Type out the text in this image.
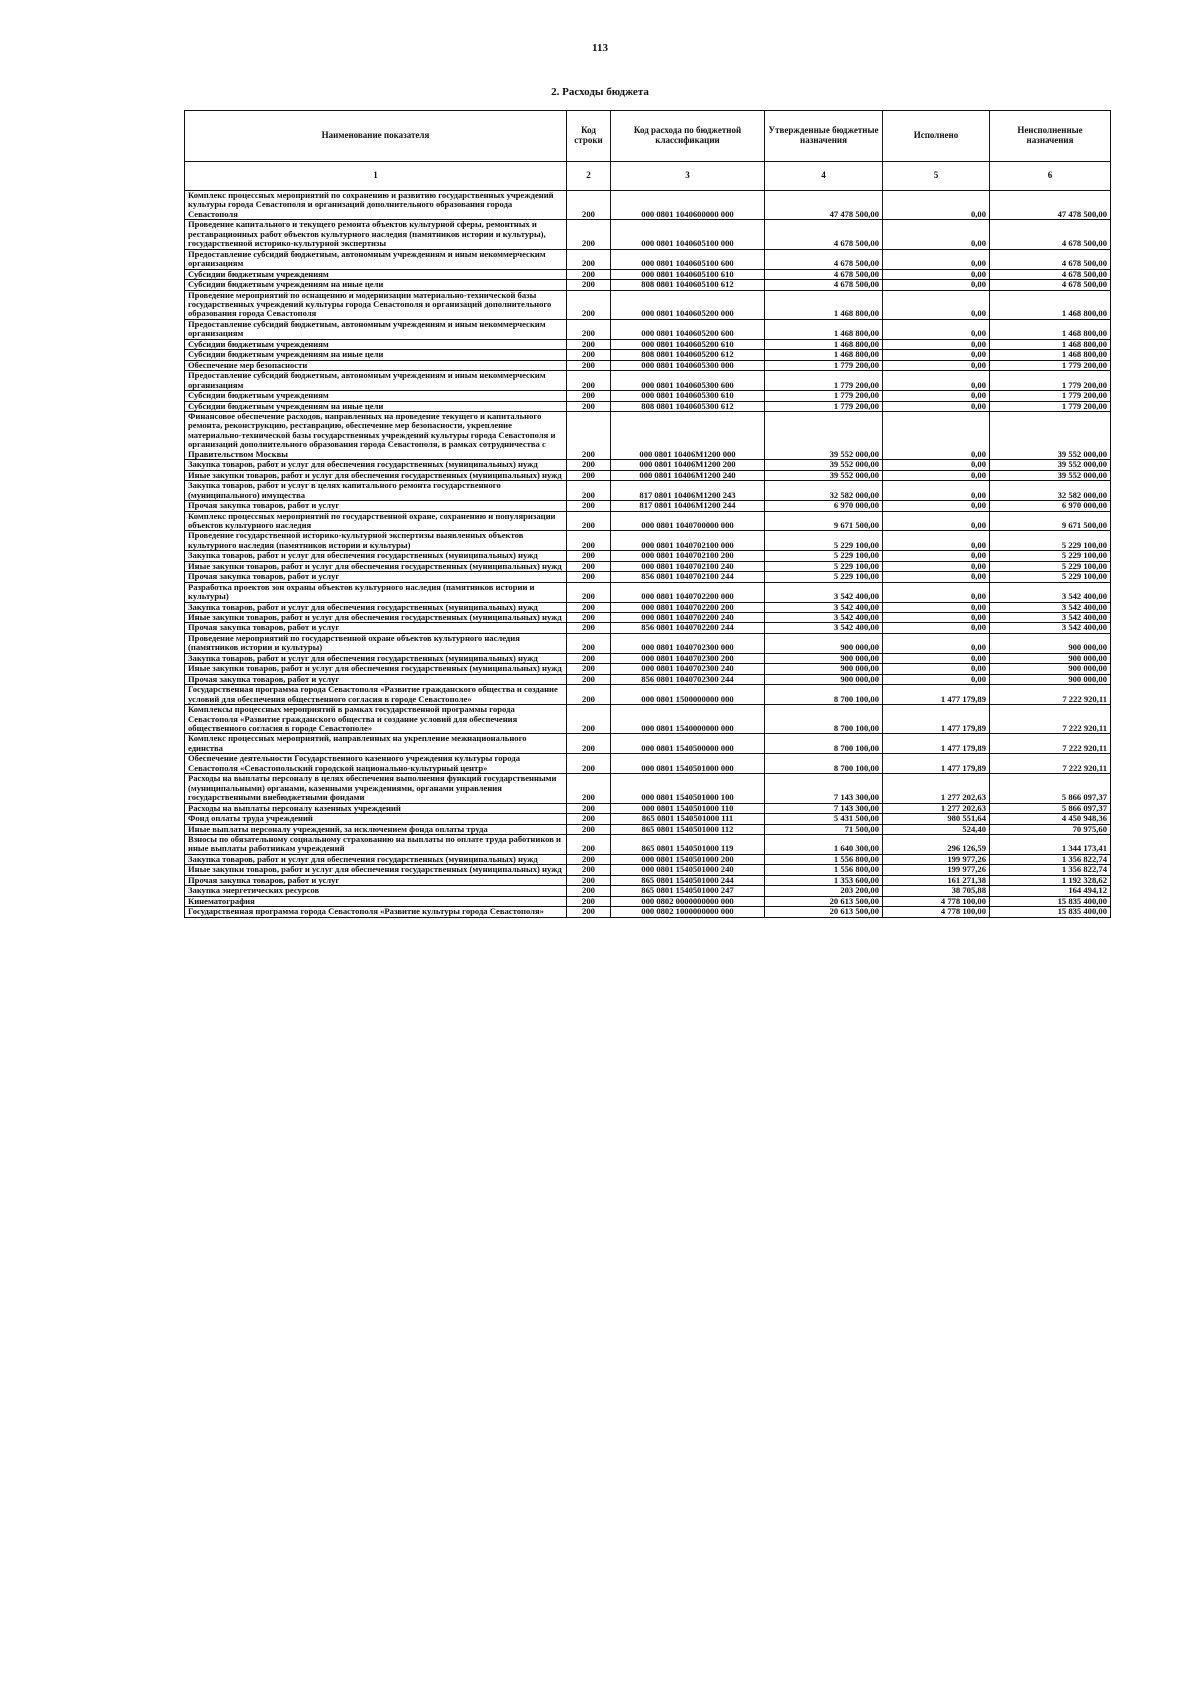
113
2. Расходы бюджета
Наименование показателя	Код строки	Код расхода по бюджетной классификации	Утвержденные бюджетные назначения	Исполнено	Неисполненные назначения
1	2	3	4	5	6
Комплекс процессных мероприятий по сохранению и развитию государственных учреждений культуры города Севастополя и организаций дополнительного образования города Севастополя	200	000 0801 1040600000 000	47 478 500,00	0,00	47 478 500,00
Проведение капитального и текущего ремонта объектов культурной сферы, ремонтных и реставрационных работ объектов культурного наследия (памятников истории и культуры), государственной историко-культурной экспертизы	200	000 0801 1040605100 000	4 678 500,00	0,00	4 678 500,00
Предоставление субсидий бюджетным, автономным учреждениям и иным некоммерческим организациям	200	000 0801 1040605100 600	4 678 500,00	0,00	4 678 500,00
Субсидии бюджетным учреждениям	200	000 0801 1040605100 610	4 678 500,00	0,00	4 678 500,00
Субсидии бюджетным учреждениям на иные цели	200	808 0801 1040605100 612	4 678 500,00	0,00	4 678 500,00
Проведение мероприятий по оснащению и модернизации материально-технической базы государственных учреждений культуры города Севастополя и организаций дополнительного образования города Севастополя	200	000 0801 1040605200 000	1 468 800,00	0,00	1 468 800,00
Предоставление субсидий бюджетным, автономным учреждениям и иным некоммерческим организациям	200	000 0801 1040605200 600	1 468 800,00	0,00	1 468 800,00
Субсидии бюджетным учреждениям	200	000 0801 1040605200 610	1 468 800,00	0,00	1 468 800,00
Субсидии бюджетным учреждениям на иные цели	200	808 0801 1040605200 612	1 468 800,00	0,00	1 468 800,00
Обеспечение мер безопасности	200	000 0801 1040605300 000	1 779 200,00	0,00	1 779 200,00
Предоставление субсидий бюджетным, автономным учреждениям и иным некоммерческим организациям	200	000 0801 1040605300 600	1 779 200,00	0,00	1 779 200,00
Субсидии бюджетным учреждениям	200	000 0801 1040605300 610	1 779 200,00	0,00	1 779 200,00
Субсидии бюджетным учреждениям на иные цели	200	808 0801 1040605300 612	1 779 200,00	0,00	1 779 200,00
Финансовое обеспечение расходов, направленных на проведение текущего и капитального ремонта, реконструкцию, реставрацию, обеспечение мер безопасности, укрепление материально-технической базы государственных учреждений культуры города Севастополя и организаций дополнительного образования города Севастополя, в рамках сотрудничества с Правительством Москвы	200	000 0801 10406М1200 000	39 552 000,00	0,00	39 552 000,00
Закупка товаров, работ и услуг для обеспечения государственных (муниципальных) нужд	200	000 0801 10406М1200 200	39 552 000,00	0,00	39 552 000,00
Иные закупки товаров, работ и услуг для обеспечения государственных (муниципальных) нужд	200	000 0801 10406М1200 240	39 552 000,00	0,00	39 552 000,00
Закупка товаров, работ и услуг в целях капитального ремонта государственного (муниципального) имущества	200	817 0801 10406М1200 243	32 582 000,00	0,00	32 582 000,00
Прочая закупка товаров, работ и услуг	200	817 0801 10406М1200 244	6 970 000,00	0,00	6 970 000,00
Комплекс процессных мероприятий по государственной охране, сохранению и популяризации объектов культурного наследия	200	000 0801 1040700000 000	9 671 500,00	0,00	9 671 500,00
Проведение государственной историко-культурной экспертизы выявленных объектов культурного наследия (памятников истории и культуры)	200	000 0801 1040702100 000	5 229 100,00	0,00	5 229 100,00
Закупка товаров, работ и услуг для обеспечения государственных (муниципальных) нужд	200	000 0801 1040702100 200	5 229 100,00	0,00	5 229 100,00
Иные закупки товаров, работ и услуг для обеспечения государственных (муниципальных) нужд	200	000 0801 1040702100 240	5 229 100,00	0,00	5 229 100,00
Прочая закупка товаров, работ и услуг	200	856 0801 1040702100 244	5 229 100,00	0,00	5 229 100,00
Разработка проектов зон охраны объектов культурного наследия (памятников истории и культуры)	200	000 0801 1040702200 000	3 542 400,00	0,00	3 542 400,00
Закупка товаров, работ и услуг для обеспечения государственных (муниципальных) нужд	200	000 0801 1040702200 200	3 542 400,00	0,00	3 542 400,00
Иные закупки товаров, работ и услуг для обеспечения государственных (муниципальных) нужд	200	000 0801 1040702200 240	3 542 400,00	0,00	3 542 400,00
Прочая закупка товаров, работ и услуг	200	856 0801 1040702200 244	3 542 400,00	0,00	3 542 400,00
Проведение мероприятий по государственной охране объектов культурного наследия (памятников истории и культуры)	200	000 0801 1040702300 000	900 000,00	0,00	900 000,00
Закупка товаров, работ и услуг для обеспечения государственных (муниципальных) нужд	200	000 0801 1040702300 200	900 000,00	0,00	900 000,00
Иные закупки товаров, работ и услуг для обеспечения государственных (муниципальных) нужд	200	000 0801 1040702300 240	900 000,00	0,00	900 000,00
Прочая закупка товаров, работ и услуг	200	856 0801 1040702300 244	900 000,00	0,00	900 000,00
Государственная программа города Севастополя «Развитие гражданского общества и создание условий для обеспечения общественного согласия в городе Севастополе»	200	000 0801 1500000000 000	8 700 100,00	1 477 179,89	7 222 920,11
Комплексы процессных мероприятий в рамках государственной программы города Севастополя «Развитие гражданского общества и создание условий для обеспечения общественного согласия в городе Севастополе»	200	000 0801 1540000000 000	8 700 100,00	1 477 179,89	7 222 920,11
Комплекс процессных мероприятий, направленных на укрепление межнационального единства	200	000 0801 1540500000 000	8 700 100,00	1 477 179,89	7 222 920,11
Обеспечение деятельности Государственного казенного учреждения культуры города Севастополя «Севастопольский городской национально-культурный центр»	200	000 0801 1540501000 000	8 700 100,00	1 477 179,89	7 222 920,11
Расходы на выплаты персоналу в целях обеспечения выполнения функций государственными (муниципальными) органами, казенными учреждениями, органами управления государственными внебюджетными фондами	200	000 0801 1540501000 100	7 143 300,00	1 277 202,63	5 866 097,37
Расходы на выплаты персоналу казенных учреждений	200	000 0801 1540501000 110	7 143 300,00	1 277 202,63	5 866 097,37
Фонд оплаты труда учреждений	200	865 0801 1540501000 111	5 431 500,00	980 551,64	4 450 948,36
Иные выплаты персоналу учреждений, за исключением фонда оплаты труда	200	865 0801 1540501000 112	71 500,00	524,40	70 975,60
Взносы по обязательному социальному страхованию на выплаты по оплате труда работников и иные выплаты работникам учреждений	200	865 0801 1540501000 119	1 640 300,00	296 126,59	1 344 173,41
Закупка товаров, работ и услуг для обеспечения государственных (муниципальных) нужд	200	000 0801 1540501000 200	1 556 800,00	199 977,26	1 356 822,74
Иные закупки товаров, работ и услуг для обеспечения государственных (муниципальных) нужд	200	000 0801 1540501000 240	1 556 800,00	199 977,26	1 356 822,74
Прочая закупка товаров, работ и услуг	200	865 0801 1540501000 244	1 353 600,00	161 271,38	1 192 328,62
Закупка энергетических ресурсов	200	865 0801 1540501000 247	203 200,00	38 705,88	164 494,12
Кинематография	200	000 0802 0000000000 000	20 613 500,00	4 778 100,00	15 835 400,00
Государственная программа города Севастополя «Развитие культуры города Севастополя»	200	000 0802 1000000000 000	20 613 500,00	4 778 100,00	15 835 400,00
